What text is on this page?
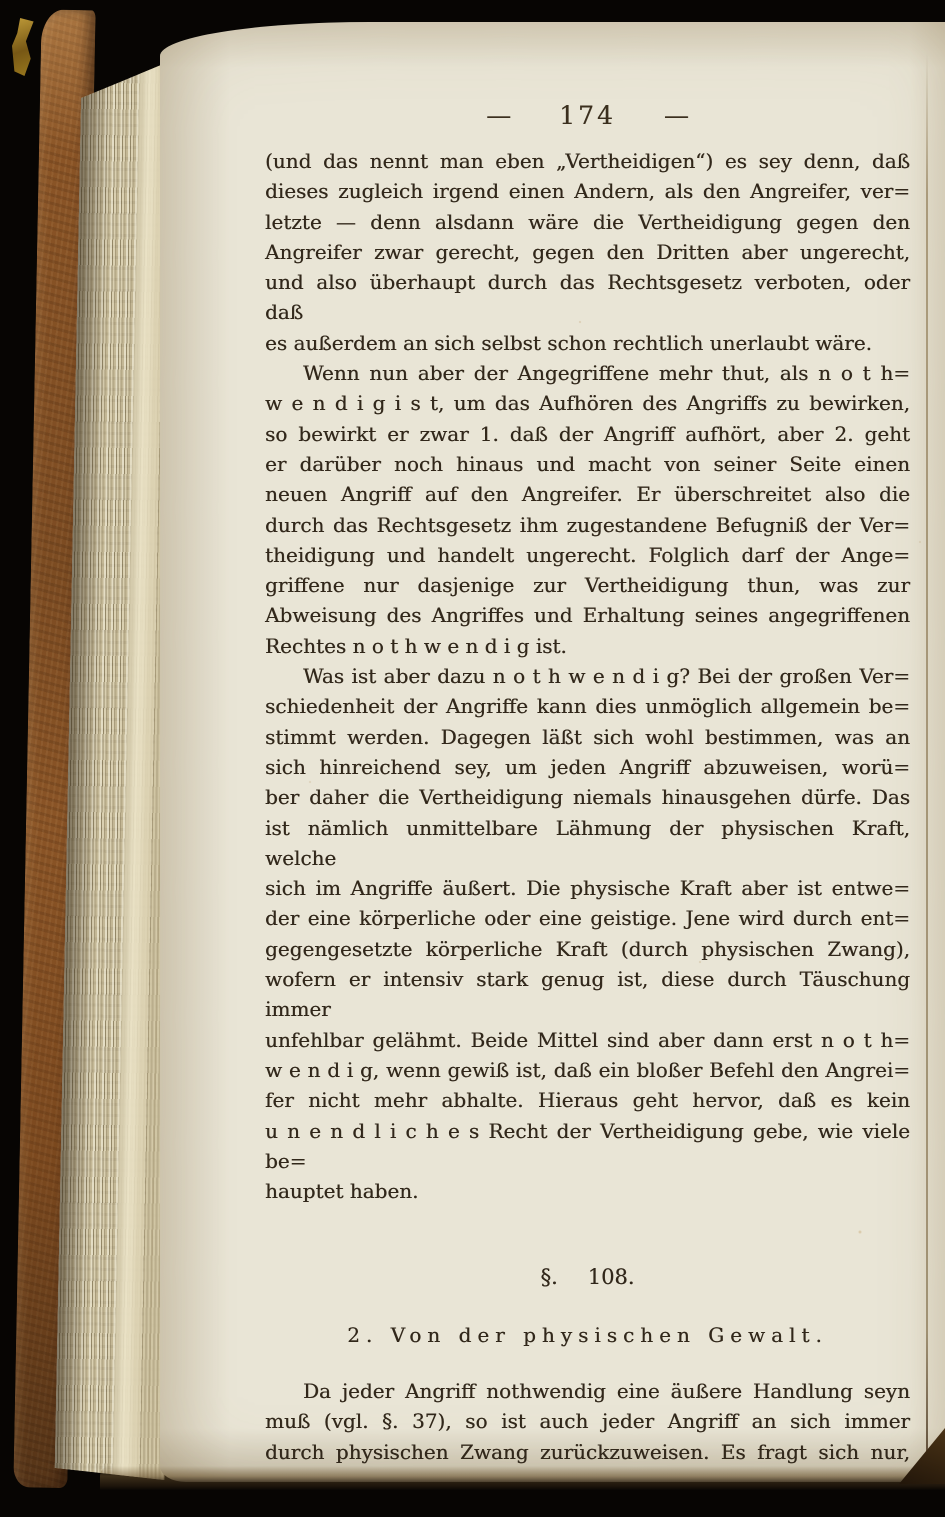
— 174 —
(und das nennt man eben „Vertheidigen“) es sey denn, daß
dieses zugleich irgend einen Andern, als den Angreifer, ver=
letzte — denn alsdann wäre die Vertheidigung gegen den
Angreifer zwar gerecht, gegen den Dritten aber ungerecht,
und also überhaupt durch das Rechtsgesetz verboten, oder daß
es außerdem an sich selbst schon rechtlich unerlaubt wäre.
Wenn nun aber der Angegriffene mehr thut, als n o t h=
w e n d i g i s t, um das Aufhören des Angriffs zu bewirken,
so bewirkt er zwar 1. daß der Angriff aufhört, aber 2. geht
er darüber noch hinaus und macht von seiner Seite einen
neuen Angriff auf den Angreifer. Er überschreitet also die
durch das Rechtsgesetz ihm zugestandene Befugniß der Ver=
theidigung und handelt ungerecht. Folglich darf der Ange=
griffene nur dasjenige zur Vertheidigung thun, was zur
Abweisung des Angriffes und Erhaltung seines angegriffenen
Rechtes n o t h w e n d i g ist.
Was ist aber dazu n o t h w e n d i g? Bei der großen Ver=
schiedenheit der Angriffe kann dies unmöglich allgemein be=
stimmt werden. Dagegen läßt sich wohl bestimmen, was an
sich hinreichend sey, um jeden Angriff abzuweisen, worü=
ber daher die Vertheidigung niemals hinausgehen dürfe. Das
ist nämlich unmittelbare Lähmung der physischen Kraft, welche
sich im Angriffe äußert. Die physische Kraft aber ist entwe=
der eine körperliche oder eine geistige. Jene wird durch ent=
gegengesetzte körperliche Kraft (durch physischen Zwang),
wofern er intensiv stark genug ist, diese durch Täuschung immer
unfehlbar gelähmt. Beide Mittel sind aber dann erst n o t h=
w e n d i g, wenn gewiß ist, daß ein bloßer Befehl den Angrei=
fer nicht mehr abhalte. Hieraus geht hervor, daß es kein
u n e n d l i c h e s Recht der Vertheidigung gebe, wie viele be=
hauptet haben.
§. 108.
2. Von der physischen Gewalt.
Da jeder Angriff nothwendig eine äußere Handlung seyn
muß (vgl. §. 37), so ist auch jeder Angriff an sich immer
durch physischen Zwang zurückzuweisen. Es fragt sich nur,
